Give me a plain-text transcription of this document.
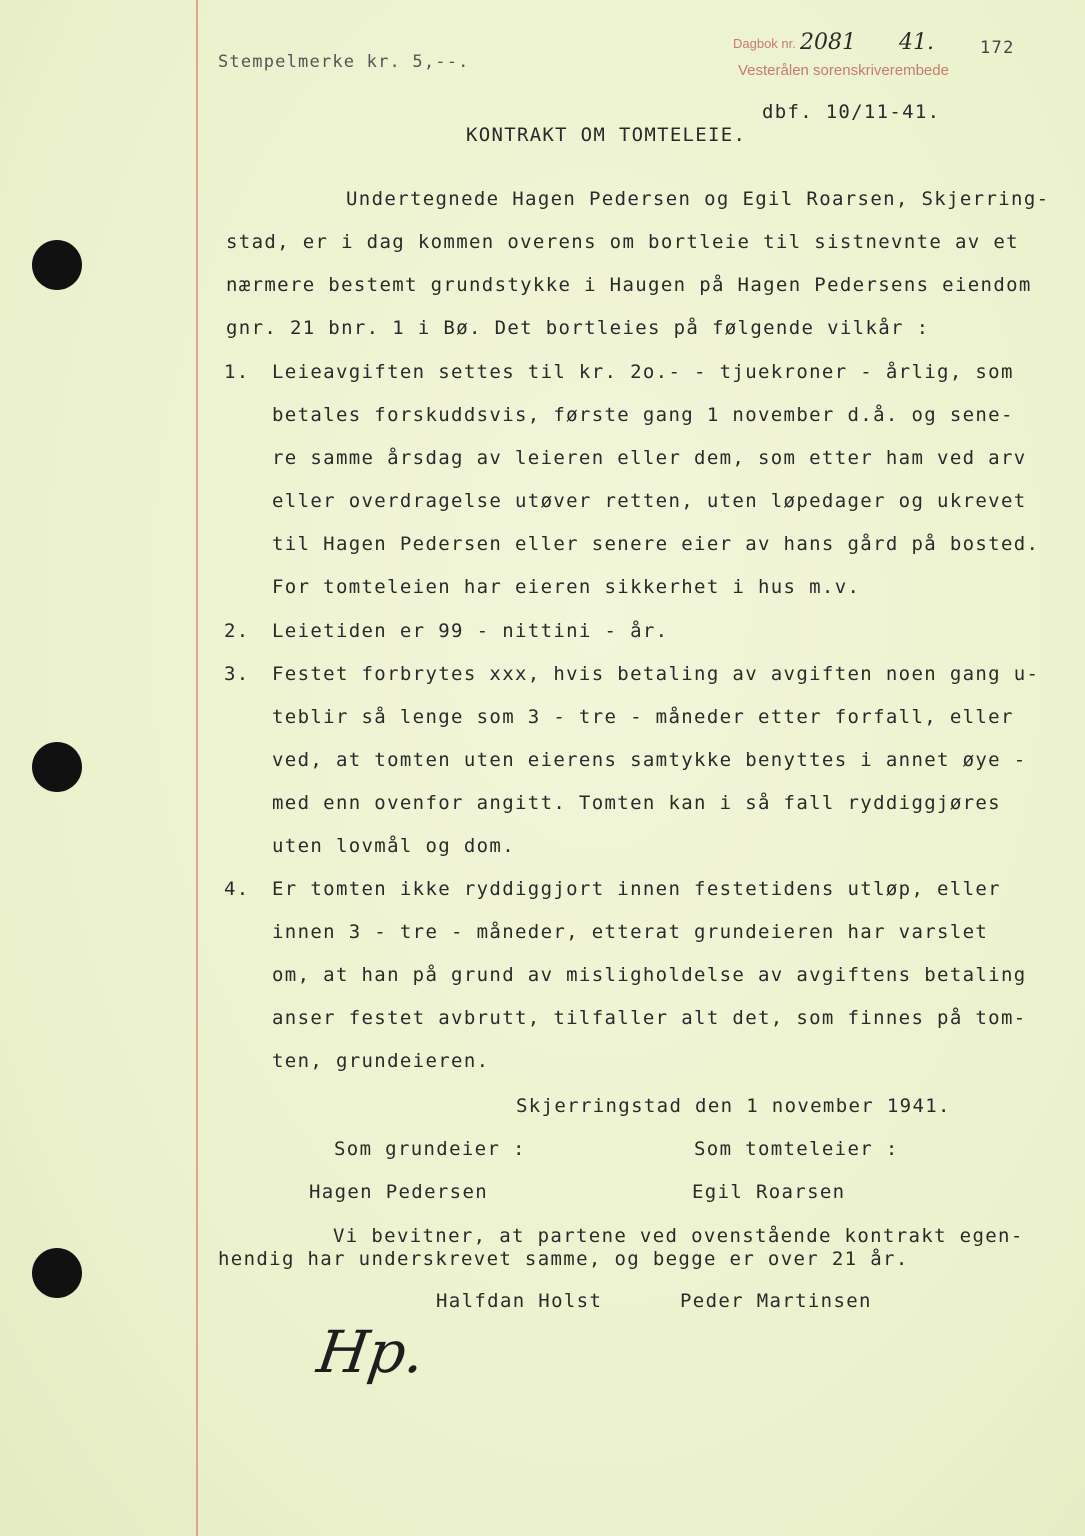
Stempelmerke kr. 5,--.
Dagbok nr. 2081 41.
Vesterålen sorenskriverembede
172
dbf. 10/11-41.
KONTRAKT OM TOMTELEIE.
Undertegnede Hagen Pedersen og Egil Roarsen, Skjerring-
stad, er i dag kommen overens om bortleie til sistnevnte av et
nærmere bestemt grundstykke i Haugen på Hagen Pedersens eiendom
gnr. 21 bnr. 1 i Bø. Det bortleies på følgende vilkår :
1. Leieavgiften settes til kr. 2o.- - tjuekroner - årlig, som
betales forskuddsvis, første gang 1 november d.å. og sene-
re samme årsdag av leieren eller dem, som etter ham ved arv
eller overdragelse utøver retten, uten løpedager og ukrevet
til Hagen Pedersen eller senere eier av hans gård på bosted.
For tomteleien har eieren sikkerhet i hus m.v.
2. Leietiden er 99 - nittini - år.
3. Festet forbrytes xxx, hvis betaling av avgiften noen gang u-
teblir så lenge som 3 - tre - måneder etter forfall, eller
ved, at tomten uten eierens samtykke benyttes i annet øye -
med enn ovenfor angitt. Tomten kan i så fall ryddiggjøres
uten lovmål og dom.
4. Er tomten ikke ryddiggjort innen festetidens utløp, eller
innen 3 - tre - måneder, etterat grundeieren har varslet
om, at han på grund av misligholdelse av avgiftens betaling
anser festet avbrutt, tilfaller alt det, som finnes på tom-
ten, grundeieren.
Skjerringstad den 1 november 1941.
Som grundeier :	Som tomteleier :
Hagen Pedersen	Egil Roarsen
Vi bevitner, at partene ved ovenstående kontrakt egen-
hendig har underskrevet samme, og begge er over 21 år.
Halfdan Holst	Peder Martinsen
Hp.
